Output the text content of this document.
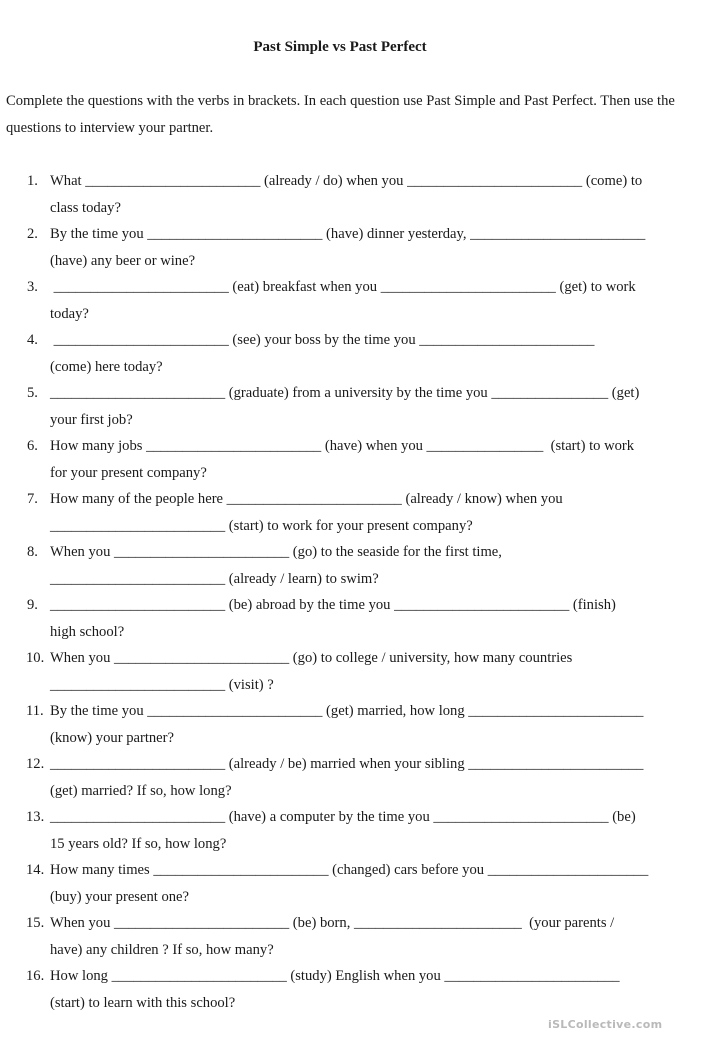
Past Simple vs Past Perfect
Complete the questions with the verbs in brackets. In each question use Past Simple and Past Perfect. Then use the questions to interview your partner.
1. What ________________________ (already / do) when you ________________________ (come) to
class today?
2. By the time you ________________________ (have) dinner yesterday, ________________________
(have) any beer or wine?
3. ________________________ (eat) breakfast when you ________________________ (get) to work
today?
4. ________________________ (see) your boss by the time you ________________________
(come) here today?
5. ________________________ (graduate) from a university by the time you ________________ (get)
your first job?
6. How many jobs ________________________ (have) when you ________________  (start) to work
for your present company?
7. How many of the people here ________________________ (already / know) when you
________________________ (start) to work for your present company?
8. When you ________________________ (go) to the seaside for the first time,
________________________ (already / learn) to swim?
9. ________________________ (be) abroad by the time you ________________________ (finish)
high school?
10. When you ________________________ (go) to college / university, how many countries
________________________ (visit) ?
11. By the time you ________________________ (get) married, how long ________________________
(know) your partner?
12. ________________________ (already / be) married when your sibling ________________________
(get) married? If so, how long?
13. ________________________ (have) a computer by the time you ________________________ (be)
15 years old? If so, how long?
14. How many times ________________________ (changed) cars before you ______________________
(buy) your present one?
15. When you ________________________ (be) born, _______________________  (your parents /
have) any children ? If so, how many?
16. How long ________________________ (study) English when you ________________________
(start) to learn with this school?
iSLCollective.com
